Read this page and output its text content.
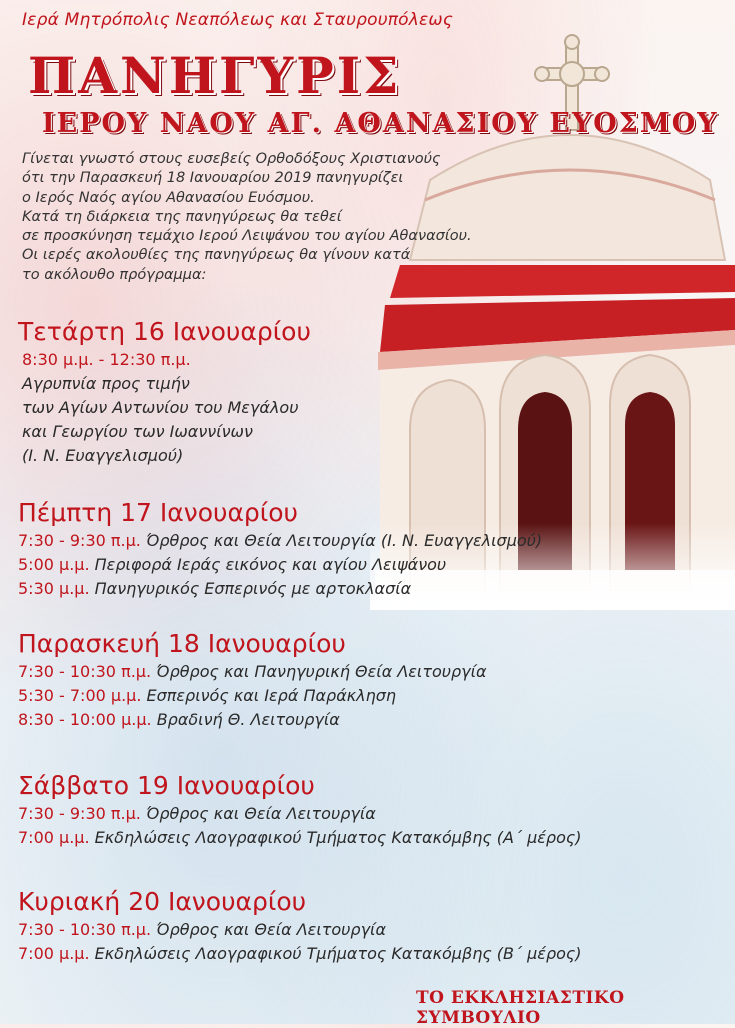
Ιερά Μητρόπολις Νεαπόλεως και Σταυρουπόλεως
ΠΑΝΗΓΥΡΙΣ
ΙΕΡΟΥ ΝΑΟΥ ΑΓ. ΑΘΑΝΑΣΙΟΥ ΕΥΟΣΜΟΥ
Γίνεται γνωστό στους ευσεβείς Ορθοδόξους Χριστιανούς
ότι την Παρασκευή 18 Ιανουαρίου 2019 πανηγυρίζει
ο Ιερός Ναός αγίου Αθανασίου Ευόσμου.
Κατά τη διάρκεια της πανηγύρεως θα τεθεί
σε προσκύνηση τεμάχιο Ιερού Λειψάνου του αγίου Αθανασίου.
Οι ιερές ακολουθίες της πανηγύρεως θα γίνουν κατά
το ακόλουθο πρόγραμμα:
Τετάρτη 16 Ιανουαρίου
8:30 μ.μ. - 12:30 π.μ.
Αγρυπνία προς τιμήν
των Αγίων Αντωνίου του Μεγάλου
και Γεωργίου των Ιωαννίνων
(Ι. Ν. Ευαγγελισμού)
Πέμπτη 17 Ιανουαρίου
7:30 - 9:30 π.μ. Όρθρος και Θεία Λειτουργία (Ι. Ν. Ευαγγελισμού)
5:00 μ.μ. Περιφορά Ιεράς εικόνος και αγίου Λειψάνου
5:30 μ.μ. Πανηγυρικός Εσπερινός με αρτοκλασία
Παρασκευή 18 Ιανουαρίου
7:30 - 10:30 π.μ. Όρθρος και Πανηγυρική Θεία Λειτουργία
5:30 - 7:00 μ.μ. Εσπερινός και Ιερά Παράκληση
8:30 - 10:00 μ.μ. Βραδινή Θ. Λειτουργία
Σάββατο 19 Ιανουαρίου
7:30 - 9:30 π.μ. Όρθρος και Θεία Λειτουργία
7:00 μ.μ. Εκδηλώσεις Λαογραφικού Τμήματος Κατακόμβης (Α΄ μέρος)
Κυριακή 20 Ιανουαρίου
7:30 - 10:30 π.μ. Όρθρος και Θεία Λειτουργία
7:00 μ.μ. Εκδηλώσεις Λαογραφικού Τμήματος Κατακόμβης (Β΄ μέρος)
ΤΟ ΕΚΚΛΗΣΙΑΣΤΙΚΟ ΣΥΜΒΟΥΛΙΟ
